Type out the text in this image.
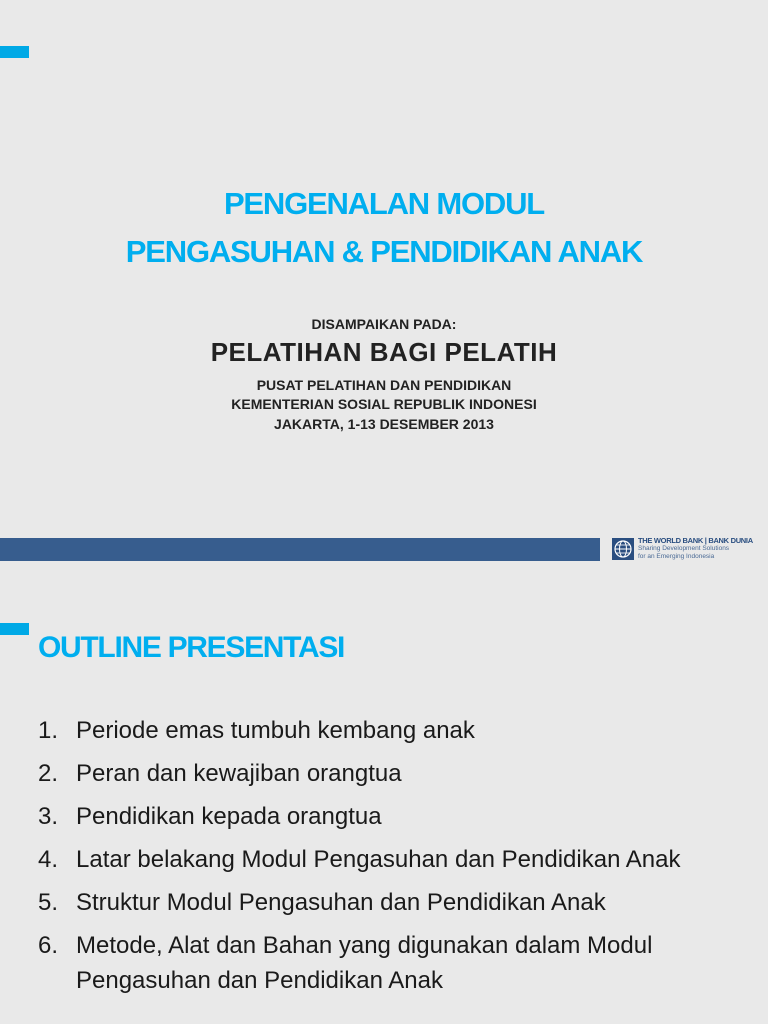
PENGENALAN MODUL
PENGASUHAN & PENDIDIKAN ANAK
DISAMPAIKAN PADA:
PELATIHAN BAGI PELATIH
PUSAT PELATIHAN DAN PENDIDIKAN
KEMENTERIAN SOSIAL REPUBLIK INDONESI
JAKARTA, 1-13 DESEMBER 2013
THE WORLD BANK | BANK DUNIA
Sharing Development Solutions
for an Emerging Indonesia
OUTLINE PRESENTASI
1. Periode emas tumbuh kembang anak
2. Peran dan kewajiban orangtua
3. Pendidikan kepada orangtua
4. Latar belakang Modul Pengasuhan dan Pendidikan Anak
5. Struktur Modul Pengasuhan dan Pendidikan Anak
6. Metode, Alat dan Bahan yang digunakan dalam Modul Pengasuhan dan Pendidikan Anak
